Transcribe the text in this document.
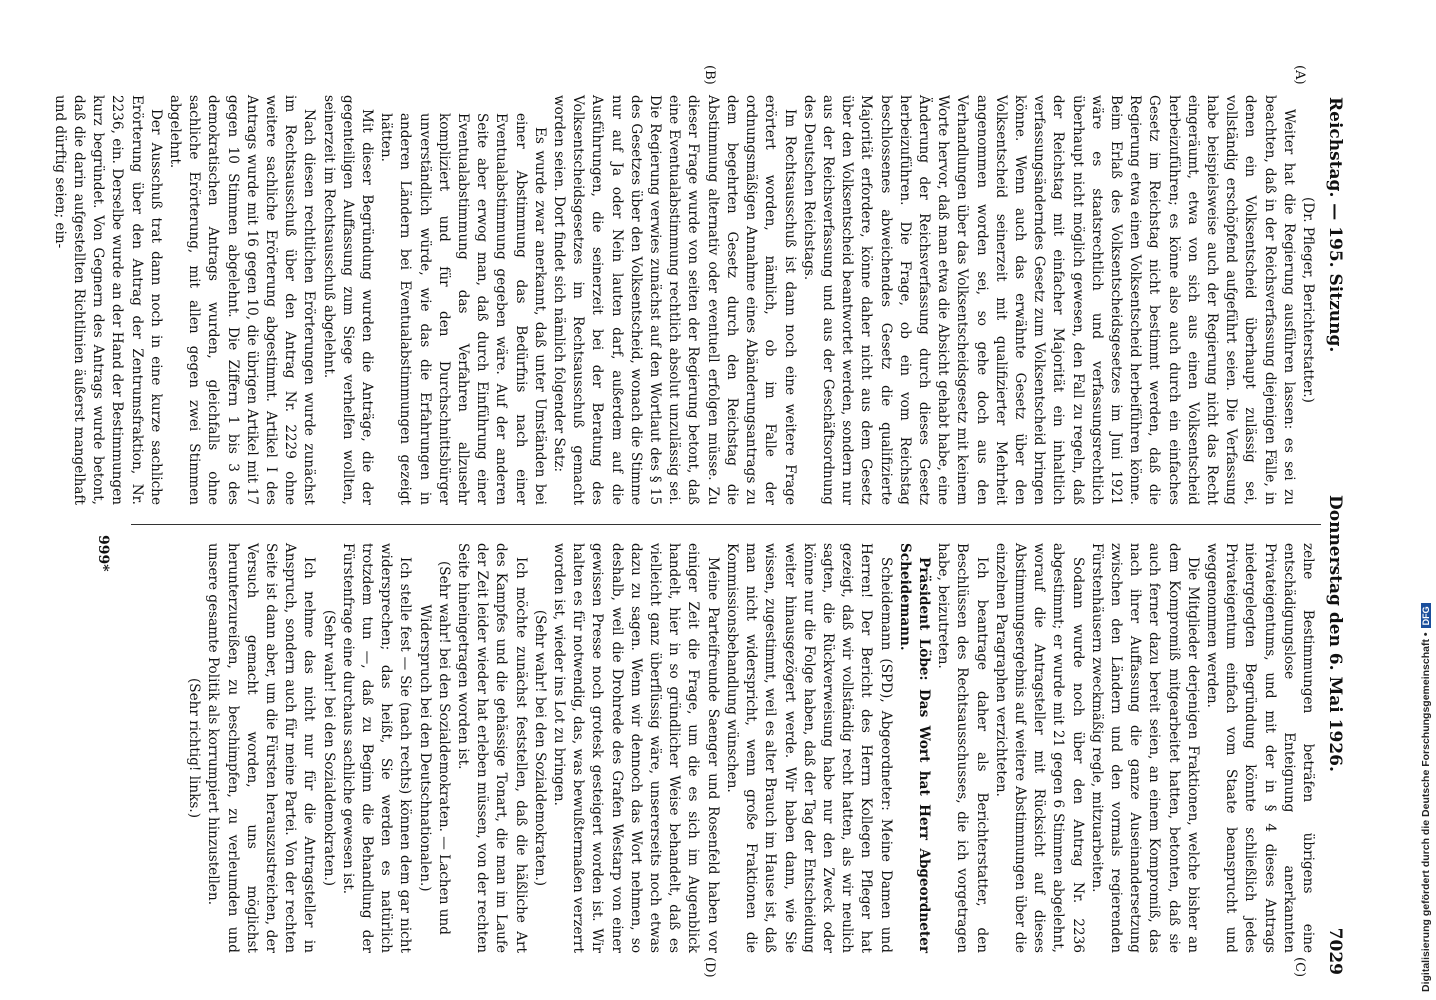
Reichstag. — 195. Sitzung.
Donnerstag den 6. Mai 1926.
7029
(A)
(B)
(C)
(D)

(Dr. Pfleger, Berichterstatter.)

Weiter hat die Regierung ausführen lassen: es sei zu beachten, daß in der Reichsverfassung diejenigen Fälle, in denen ein Volksentscheid überhaupt zulässig sei, vollständig erschöpfend aufgeführt seien. Die Verfassung habe beispielsweise auch der Regierung nicht das Recht eingeräumt, etwa von sich aus einen Volksentscheid herbeizuführen; es könne also auch durch ein einfaches Gesetz im Reichstag nicht bestimmt werden, daß die Regierung etwa einen Volksentscheid herbeiführen könne. Beim Erlaß des Volksentscheidsgesetzes im Juni 1921 wäre es staatsrechtlich und verfassungsrechtlich überhaupt nicht möglich gewesen, den Fall zu regeln, daß der Reichstag mit einfacher Majorität ein inhaltlich verfassungsänderndes Gesetz zum Volksentscheid bringen könne. Wenn auch das erwähnte Gesetz über den Volksentscheid seinerzeit mit qualifizierter Mehrheit angenommen worden sei, so gehe doch aus den Verhandlungen über das Volksentscheidsgesetz mit keinem Worte hervor, daß man etwa die Absicht gehabt habe, eine Änderung der Reichsverfassung durch dieses Gesetz herbeizuführen. Die Frage, ob ein vom Reichstag beschlossenes abweichendes Gesetz die qualifizierte Majorität erfordere, könne daher nicht aus dem Gesetz über den Volksentscheid beantwortet werden, sondern nur aus der Reichsverfassung und aus der Geschäftsordnung des Deutschen Reichstags.

Im Rechtsausschuß ist dann noch eine weitere Frage erörtert worden, nämlich, ob im Falle der ordnungsmäßigen Annahme eines Abänderungsantrags zu dem begehrten Gesetz durch den Reichstag die Abstimmung alternativ oder eventuell erfolgen müsse. Zu dieser Frage wurde von seiten der Regierung betont, daß eine Eventualabstimmung rechtlich absolut unzulässig sei. Die Regierung verwies zunächst auf den Wortlaut des § 15 des Gesetzes über den Volksentscheid, wonach die Stimme nur auf Ja oder Nein lauten darf, außerdem auf die Ausführungen, die seinerzeit bei der Beratung des Volksentscheidsgesetzes im Rechtsausschuß gemacht worden seien. Dort findet sich nämlich folgender Satz:

Es wurde zwar anerkannt, daß unter Umständen bei einer Abstimmung das Bedürfnis nach einer Eventualabstimmung gegeben wäre. Auf der anderen Seite aber erwog man, daß durch Einführung einer Eventualabstimmung das Verfahren allzusehr kompliziert und für den Durchschnittsbürger unverständlich würde, wie das die Erfahrungen in anderen Ländern bei Eventualabstimmungen gezeigt hätten.

Mit dieser Begründung wurden die Anträge, die der gegenteiligen Auffassung zum Siege verhelfen wollten, seinerzeit im Rechtsausschuß abgelehnt.

Nach diesen rechtlichen Erörterungen wurde zunächst im Rechtsausschuß über den Antrag Nr. 2229 ohne weitere sachliche Erörterung abgestimmt. Artikel I des Antrags wurde mit 16 gegen 10, die übrigen Artikel mit 17 gegen 10 Stimmen abgelehnt. Die Ziffern 1 bis 3 des demokratischen Antrags wurden, gleichfalls ohne sachliche Erörterung, mit allen gegen zwei Stimmen abgelehnt.

Der Ausschuß trat dann noch in eine kurze sachliche Erörterung über den Antrag der Zentrumsfraktion, Nr. 2236, ein. Derselbe wurde an der Hand der Bestimmungen kurz begründet. Von Gegnern des Antrags wurde betont, daß die darin aufgestellten Richtlinien äußerst mangelhaft und dürftig seien; ein-

zelne Bestimmungen beträfen übrigens eine entschädigungslose Enteignung anerkannten Privateigentums, und mit der in § 4 dieses Antrags niedergelegten Begründung könnte schließlich jedes Privateigentum einfach vom Staate beansprucht und weggenommen werden.

Die Mitglieder derjenigen Fraktionen, welche bisher an dem Kompromiß mitgearbeitet hatten, betonten, daß sie auch ferner dazu bereit seien, an einem Kompromiß, das nach ihrer Auffassung die ganze Auseinandersetzung zwischen den Ländern und den vormals regierenden Fürstenhäusern zweckmäßig regle, mitzuarbeiten.

Sodann wurde noch über den Antrag Nr. 2236 abgestimmt; er wurde mit 21 gegen 6 Stimmen abgelehnt, worauf die Antragsteller mit Rücksicht auf dieses Abstimmungsergebnis auf weitere Abstimmungen über die einzelnen Paragraphen verzichteten.

Ich beantrage daher als Berichterstatter, den Beschlüssen des Rechtsausschusses, die ich vorgetragen habe, beizutreten.

Präsident Löbe: Das Wort hat Herr Abgeordneter Scheidemann.

Scheidemann (SPD), Abgeordneter: Meine Damen und Herren! Der Bericht des Herrn Kollegen Pfleger hat gezeigt, daß wir vollständig recht hatten, als wir neulich sagten, die Rückverweisung habe nur den Zweck oder könne nur die Folge haben, daß der Tag der Entscheidung weiter hinausgezögert werde. Wir haben dann, wie Sie wissen, zugestimmt, weil es alter Brauch im Hause ist, daß man nicht widerspricht, wenn große Fraktionen die Kommissionsbehandlung wünschen.

Meine Parteifreunde Saenger und Rosenfeld haben vor einiger Zeit die Frage, um die es sich im Augenblick handelt, hier in so gründlicher Weise behandelt, daß es vielleicht ganz überflüssig wäre, unsererseits noch etwas dazu zu sagen. Wenn wir dennoch das Wort nehmen, so deshalb, weil die Drohrede des Grafen Westarp von einer gewissen Presse noch grotesk gesteigert worden ist. Wir halten es für notwendig, das, was bewußtermaßen verzerrt worden ist, wieder ins Lot zu bringen.

(Sehr wahr! bei den Sozialdemokraten.)

Ich möchte zunächst feststellen, daß die häßliche Art des Kampfes und die gehässige Tonart, die man im Laufe der Zeit leider wieder hat erleben müssen, von der rechten Seite hineingetragen worden ist.

(Sehr wahr! bei den Sozialdemokraten. — Lachen und Widerspruch bei den Deutschnationalen.)

Ich stelle fest — Sie (nach rechts) können dem gar nicht widersprechen; das heißt, Sie werden es natürlich trotzdem tun —, daß zu Beginn die Behandlung der Fürstenfrage eine durchaus sachliche gewesen ist.

(Sehr wahr! bei den Sozialdemokraten.)

Ich nehme das nicht nur für die Antragsteller in Anspruch, sondern auch für meine Partei. Von der rechten Seite ist dann aber, um die Fürsten herauszustreichen, der Versuch gemacht worden, uns möglichst herunterzureißen, zu beschimpfen, zu verleumden und unsere gesamte Politik als korrumpiert hinzustellen.

(Sehr richtig! links.)

999*
Digitalisierung gefördert durch die Deutsche Forschungsgemeinschaft •DFG
